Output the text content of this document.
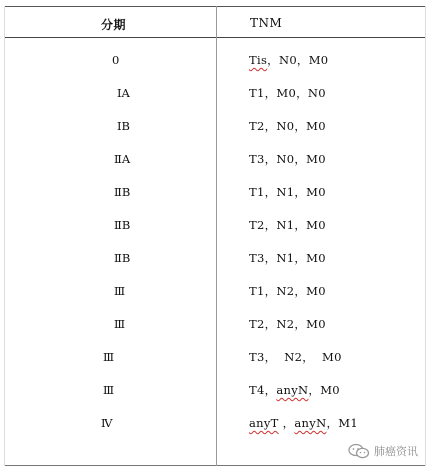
分期	TNM
0	Tis，N0，M0
ⅠA	T1，M0，N0
ⅠB	T2，N0，M0
ⅡA	T3，N0，M0
ⅡB	T1，N1，M0
ⅡB	T2，N1，M0
ⅡB	T3，N1，M0
Ⅲ	T1，N2，M0
Ⅲ	T2，N2，M0
Ⅲ	T3，  N2，  M0
Ⅲ	T4，anyN，M0
Ⅳ	anyT ，anyN，M1
肺癌资讯
